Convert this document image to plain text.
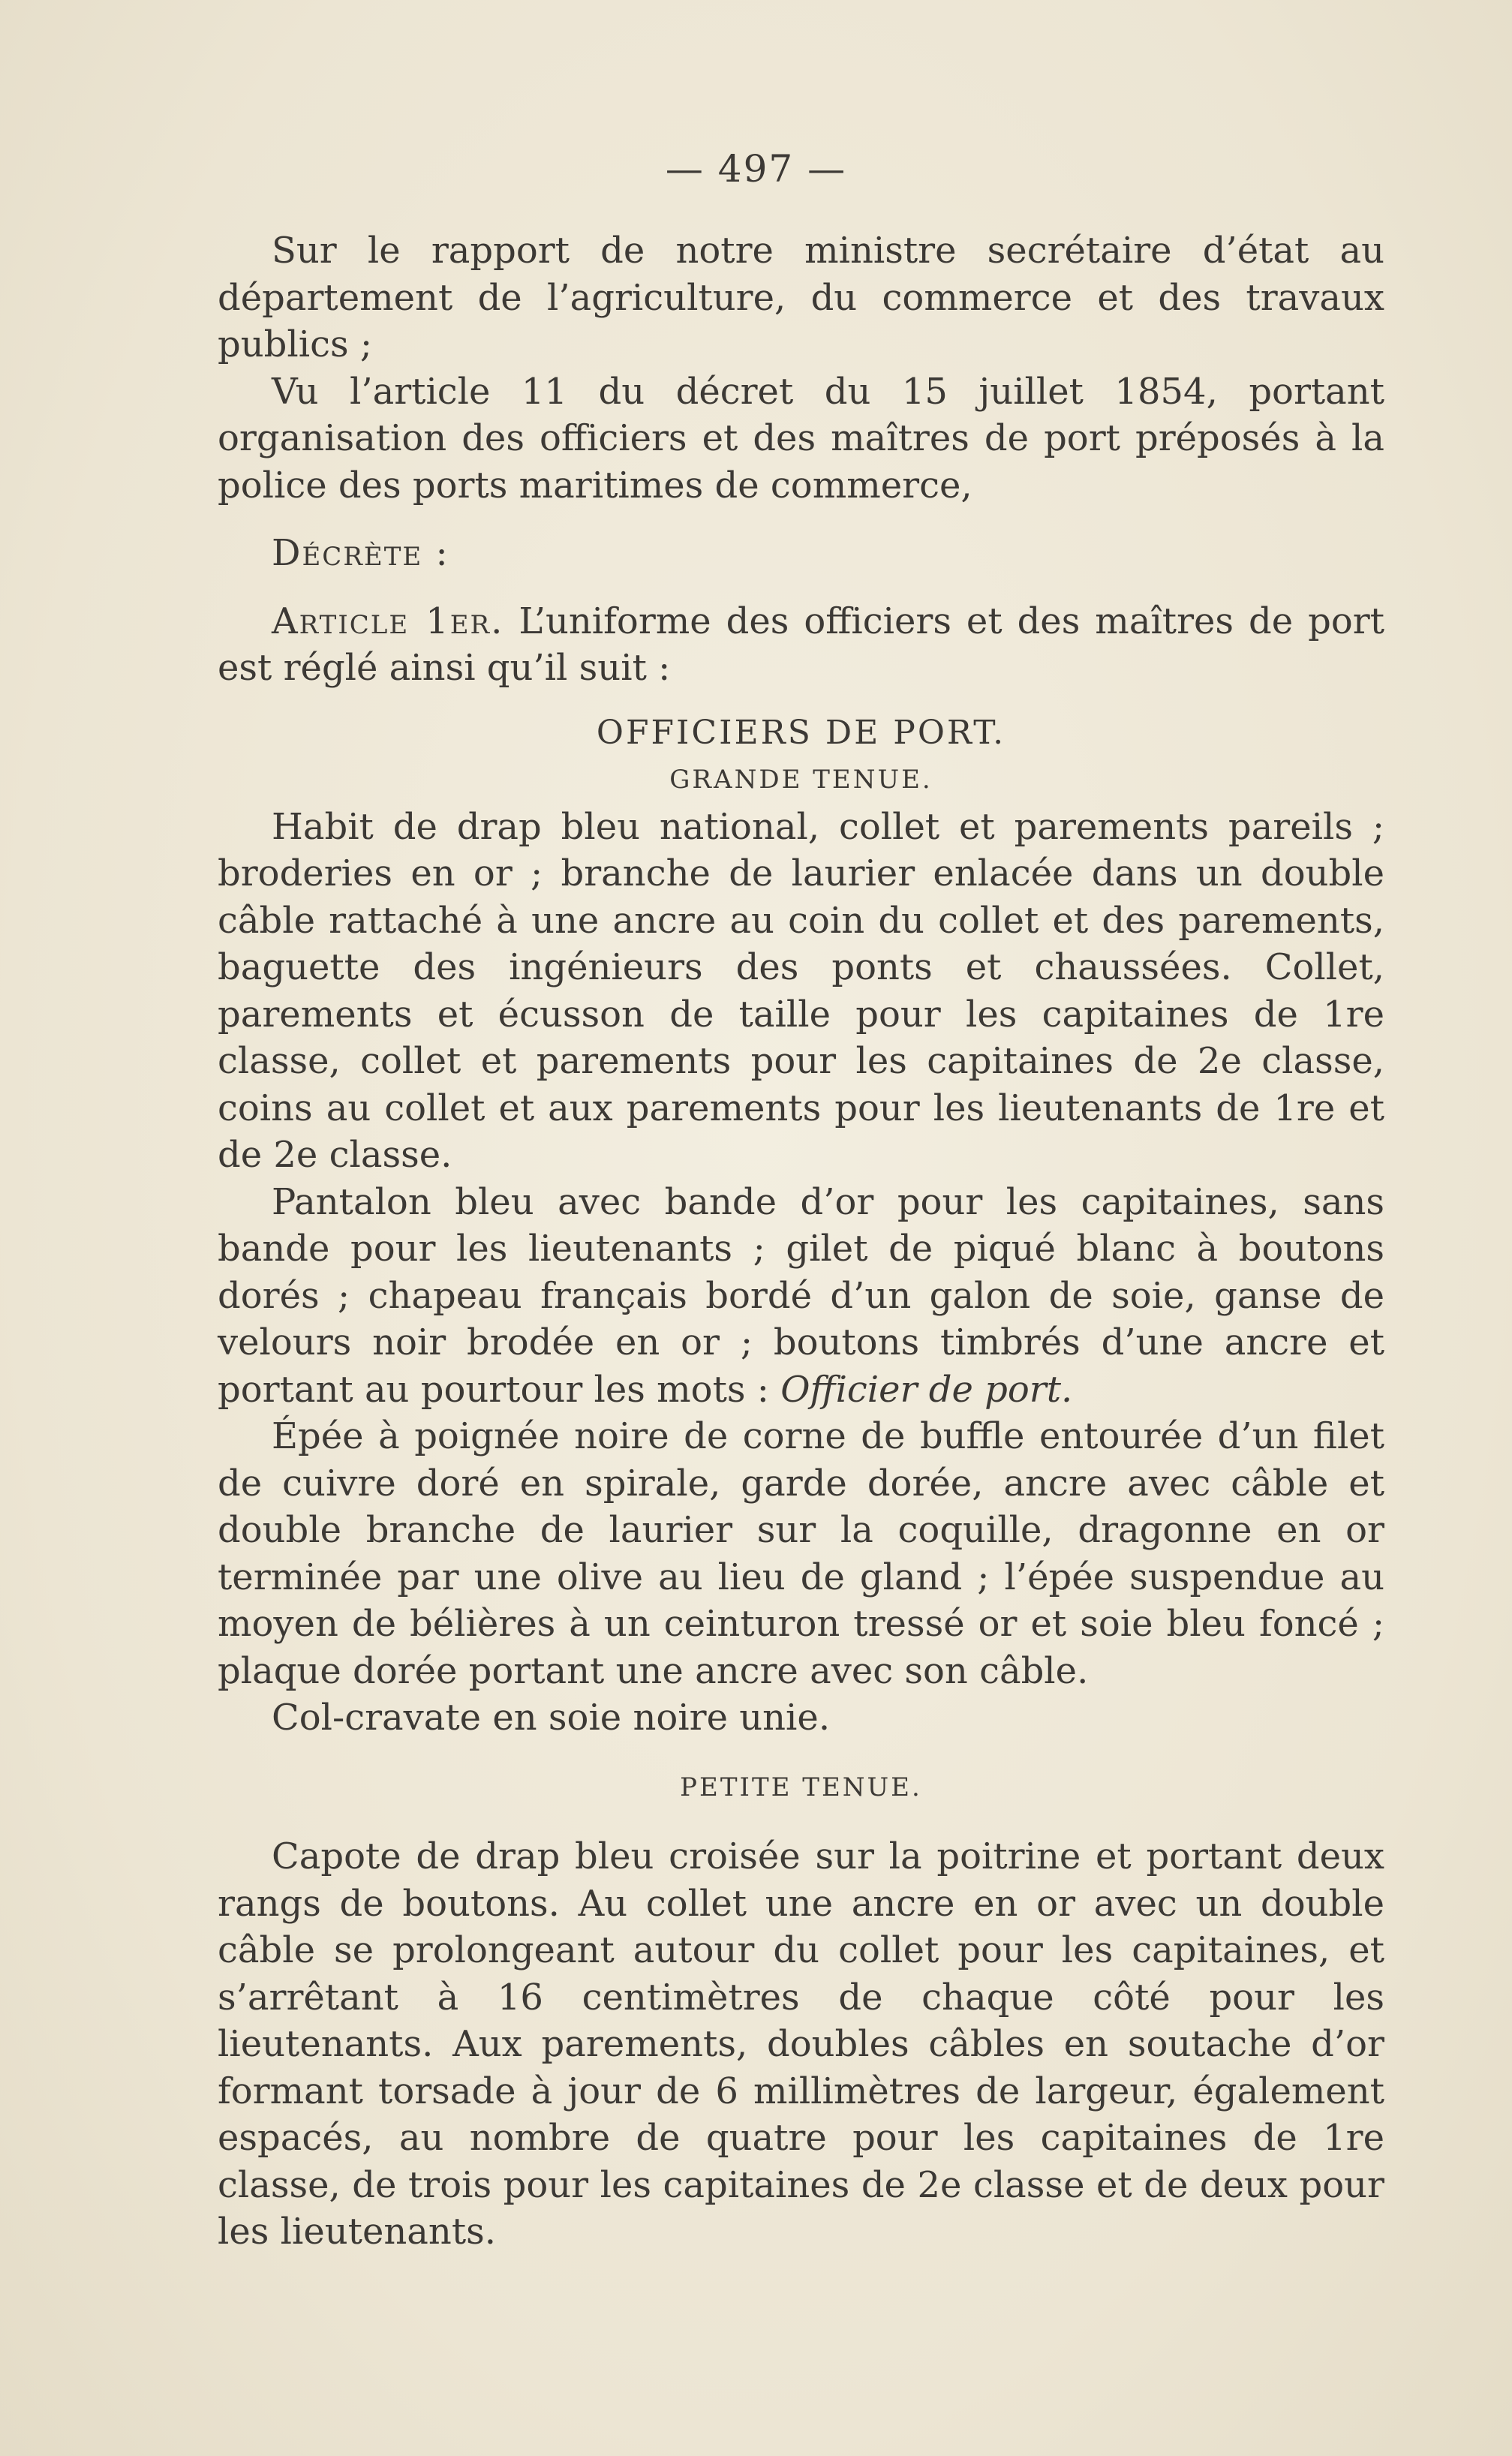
— 497 —

Sur le rapport de notre ministre secrétaire d’état au département de l’agriculture, du commerce et des travaux publics ;

Vu l’article 11 du décret du 15 juillet 1854, portant organisation des officiers et des maîtres de port préposés à la police des ports maritimes de commerce,

Décrète :

Article 1er. L’uniforme des officiers et des maîtres de port est réglé ainsi qu’il suit :

OFFICIERS DE PORT.

GRANDE TENUE.

Habit de drap bleu national, collet et parements pareils ; broderies en or ; branche de laurier enlacée dans un double câble rattaché à une ancre au coin du collet et des parements, baguette des ingénieurs des ponts et chaussées. Collet, parements et écusson de taille pour les capitaines de 1re classe, collet et parements pour les capitaines de 2e classe, coins au collet et aux parements pour les lieutenants de 1re et de 2e classe.

Pantalon bleu avec bande d’or pour les capitaines, sans bande pour les lieutenants ; gilet de piqué blanc à boutons dorés ; chapeau français bordé d’un galon de soie, ganse de velours noir brodée en or ; boutons timbrés d’une ancre et portant au pourtour les mots : Officier de port.

Épée à poignée noire de corne de buffle entourée d’un filet de cuivre doré en spirale, garde dorée, ancre avec câble et double branche de laurier sur la coquille, dragonne en or terminée par une olive au lieu de gland ; l’épée suspendue au moyen de bélières à un ceinturon tressé or et soie bleu foncé ; plaque dorée portant une ancre avec son câble.

Col-cravate en soie noire unie.

PETITE TENUE.

Capote de drap bleu croisée sur la poitrine et portant deux rangs de boutons. Au collet une ancre en or avec un double câble se prolongeant autour du collet pour les capitaines, et s’arrêtant à 16 centimètres de chaque côté pour les lieutenants. Aux parements, doubles câbles en soutache d’or formant torsade à jour de 6 millimètres de largeur, également espacés, au nombre de quatre pour les capitaines de 1re classe, de trois pour les capitaines de 2e classe et de deux pour les lieutenants.
